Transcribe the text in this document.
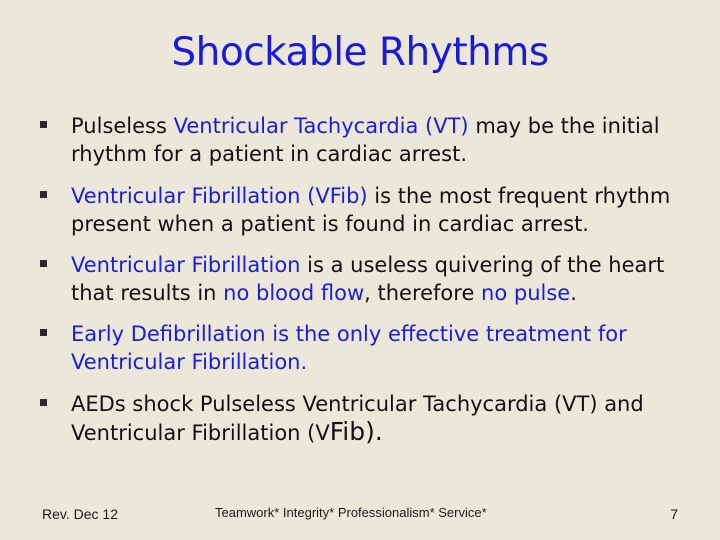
Shockable Rhythms
Pulseless Ventricular Tachycardia (VT) may be the initial
rhythm for a patient in cardiac arrest.
Ventricular Fibrillation (VFib) is the most frequent rhythm
present when a patient is found in cardiac arrest.
Ventricular Fibrillation is a useless quivering of the heart
that results in no blood flow, therefore no pulse.
Early Defibrillation is the only effective treatment for
Ventricular Fibrillation.
AEDs shock Pulseless Ventricular Tachycardia (VT) and
Ventricular Fibrillation (VFib).
Rev. Dec 12	Teamwork* Integrity* Professionalism* Service*	7
